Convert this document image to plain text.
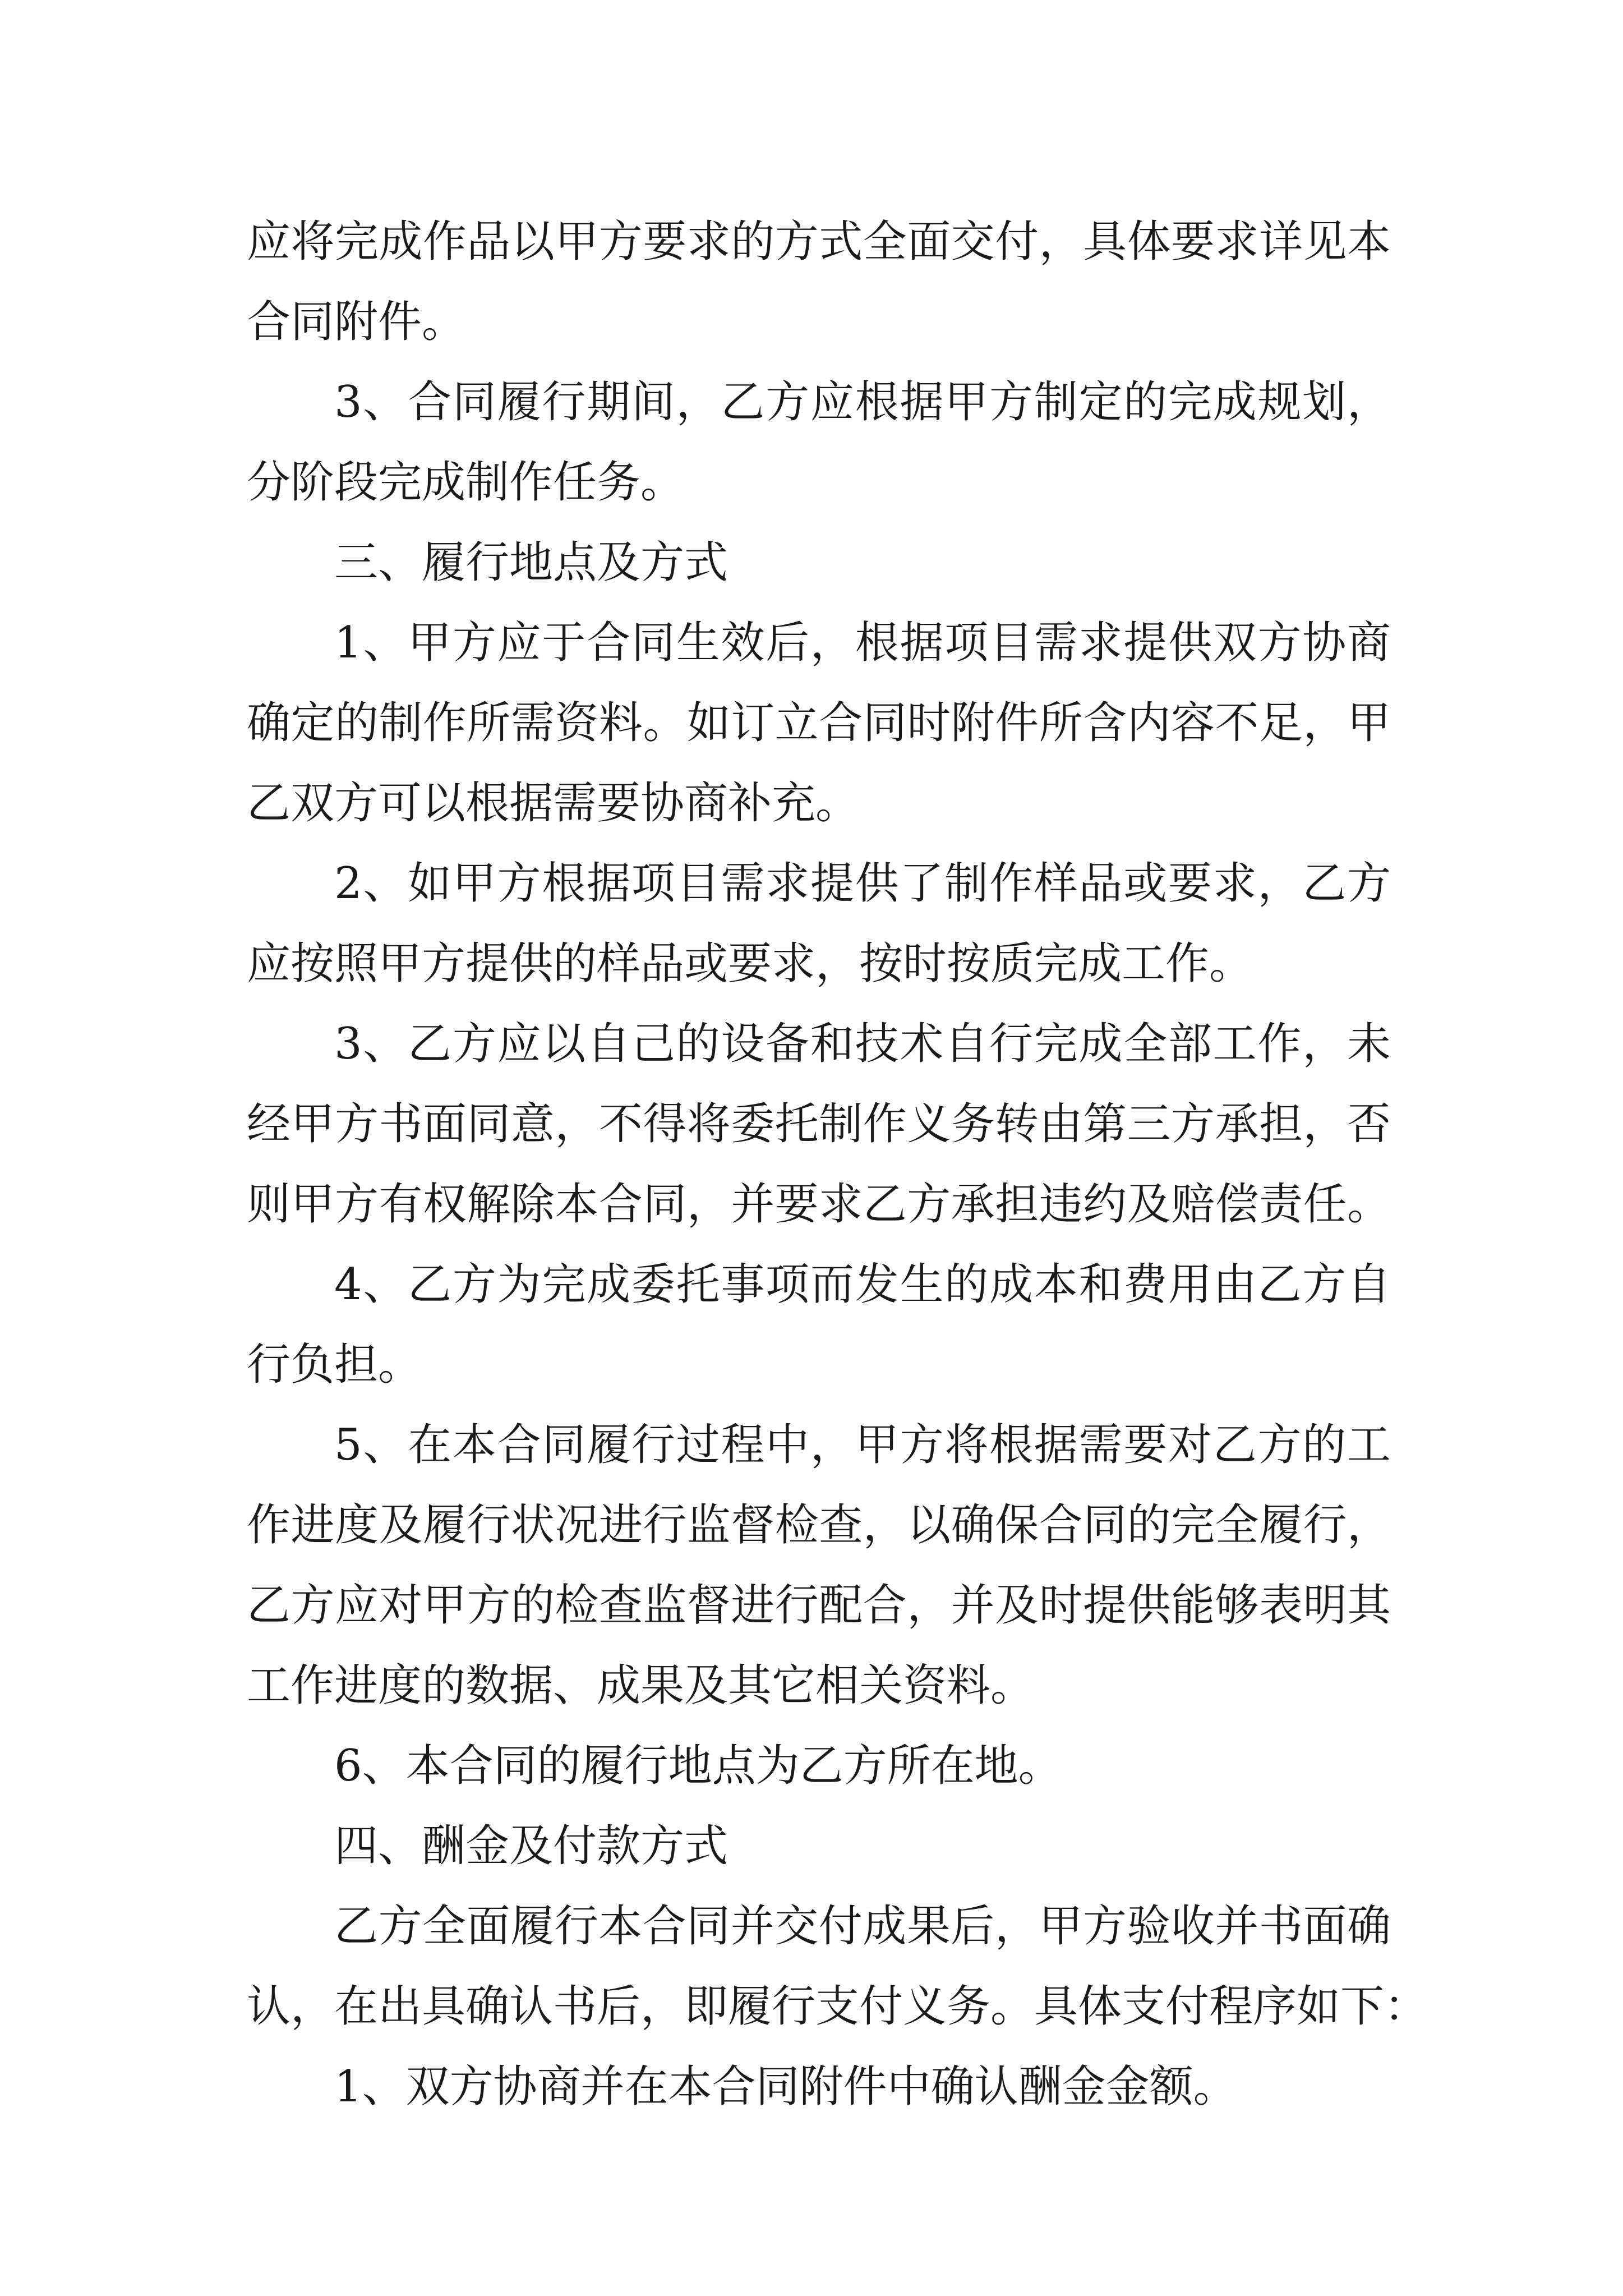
应将完成作品以甲方要求的方式全面交付，具体要求详见本
合同附件。
3、合同履行期间，乙方应根据甲方制定的完成规划，
分阶段完成制作任务。
三、履行地点及方式
1、甲方应于合同生效后，根据项目需求提供双方协商
确定的制作所需资料。如订立合同时附件所含内容不足，甲
乙双方可以根据需要协商补充。
2、如甲方根据项目需求提供了制作样品或要求，乙方
应按照甲方提供的样品或要求，按时按质完成工作。
3、乙方应以自己的设备和技术自行完成全部工作，未
经甲方书面同意，不得将委托制作义务转由第三方承担，否
则甲方有权解除本合同，并要求乙方承担违约及赔偿责任。
4、乙方为完成委托事项而发生的成本和费用由乙方自
行负担。
5、在本合同履行过程中，甲方将根据需要对乙方的工
作进度及履行状况进行监督检查，以确保合同的完全履行，
乙方应对甲方的检查监督进行配合，并及时提供能够表明其
工作进度的数据、成果及其它相关资料。
6、本合同的履行地点为乙方所在地。
四、酬金及付款方式
乙方全面履行本合同并交付成果后，甲方验收并书面确
认，在出具确认书后，即履行支付义务。具体支付程序如下：
1、双方协商并在本合同附件中确认酬金金额。
